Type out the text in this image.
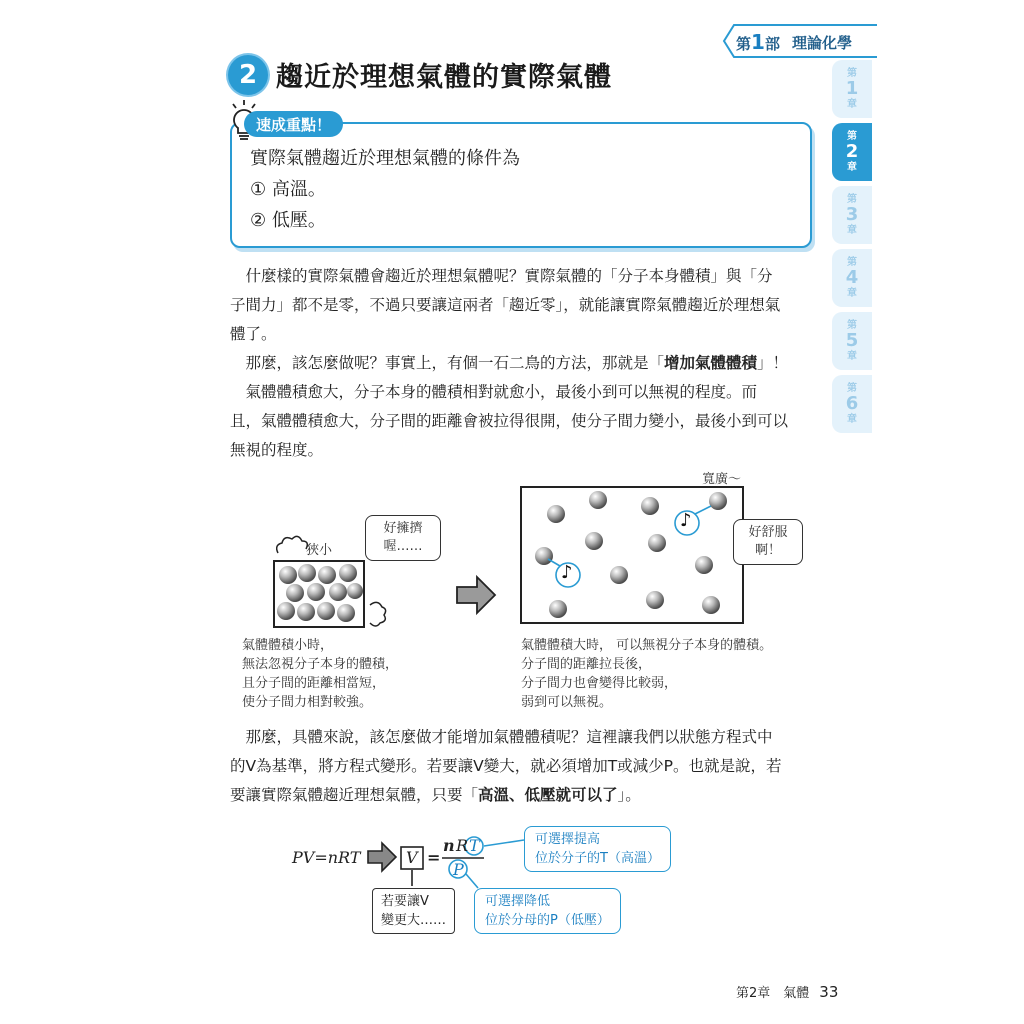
第1部 理論化學
第
1
章
第
2
章
第
3
章
第
4
章
第
5
章
第
6
章
2 趨近於理想氣體的實際氣體
速成重點！
實際氣體趨近於理想氣體的條件為
① 高溫。
② 低壓。
　什麼樣的實際氣體會趨近於理想氣體呢？實際氣體的「分子本身體積」與「分
子間力」都不是零，不過只要讓這兩者「趨近零」，就能讓實際氣體趨近於理想氣
體了。
　那麼，該怎麼做呢？事實上，有個一石二鳥的方法，那就是「增加氣體體積」！
　氣體體積愈大，分子本身的體積相對就愈小，最後小到可以無視的程度。而
且，氣體體積愈大，分子間的距離會被拉得很開，使分子間力變小，最後小到可以
無視的程度。
♪
♪
狹小
寬廣～
好擁擠
喔……
好舒服
啊！
氣體體積小時，
無法忽視分子本身的體積，
且分子間的距離相當短，
使分子間力相對較強。
氣體體積大時， 可以無視分子本身的體積。
分子間的距離拉長後，
分子間力也會變得比較弱，
弱到可以無視。
　那麼，具體來說，該怎麼做才能增加氣體體積呢？這裡讓我們以狀態方程式中
的V為基準，將方程式變形。若要讓V變大，就必須增加T或減少P。也就是說，若
要讓實際氣體趨近理想氣體，只要「高溫、低壓就可以了」。
PV=nRT	V =
n R T
P
可選擇提高
位於分子的T（高溫）
可選擇降低
位於分母的P（低壓）
若要讓V
變更大……
第2章　氣體 33
